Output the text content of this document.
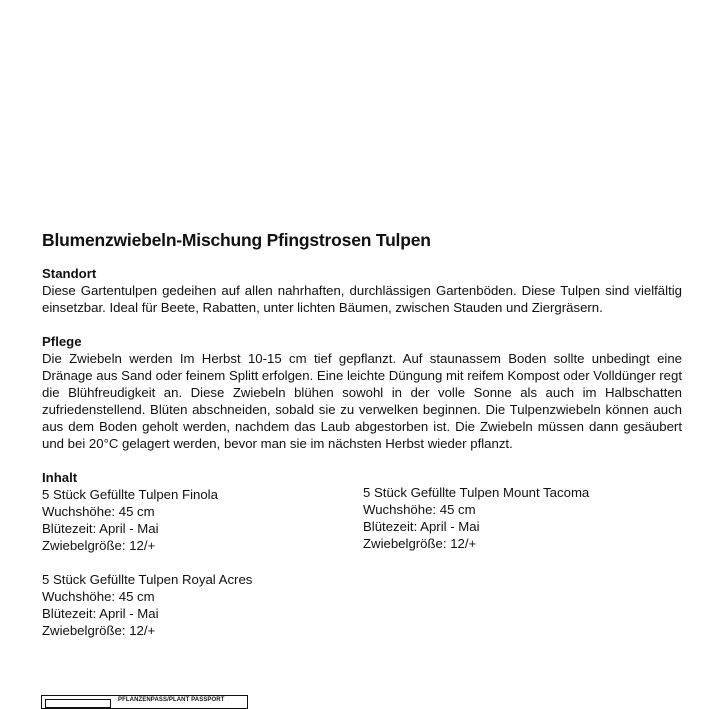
Blumenzwiebeln-Mischung Pfingstrosen Tulpen
Standort
Diese Gartentulpen gedeihen auf allen nahrhaften, durchlässigen Gartenböden. Diese Tulpen sind vielfältig einsetzbar. Ideal für Beete, Rabatten, unter lichten Bäumen, zwischen Stauden und Ziergräsern.
Pflege
Die Zwiebeln werden Im Herbst 10-15 cm tief gepflanzt. Auf staunassem Boden sollte unbedingt eine Dränage aus Sand oder feinem Splitt erfolgen. Eine leichte Düngung mit reifem Kompost oder Volldünger regt die Blühfreudigkeit an. Diese Zwiebeln blühen sowohl in der volle Sonne als auch im Halbschatten zufriedenstellend. Blüten abschneiden, sobald sie zu verwelken beginnen. Die Tulpenzwiebeln können auch aus dem Boden geholt werden, nachdem das Laub abgestorben ist. Die Zwiebeln müssen dann gesäubert und bei 20°C gelagert werden, bevor man sie im nächsten Herbst wieder pflanzt.
Inhalt
5 Stück Gefüllte Tulpen Finola
Wuchshöhe: 45 cm
Blütezeit: April - Mai
Zwiebelgröße: 12/+
5 Stück Gefüllte Tulpen Mount Tacoma
Wuchshöhe: 45 cm
Blütezeit: April - Mai
Zwiebelgröße: 12/+
5 Stück Gefüllte Tulpen Royal Acres
Wuchshöhe: 45 cm
Blütezeit: April - Mai
Zwiebelgröße: 12/+
PFLANZENPASS/PLANT PASSPORT
